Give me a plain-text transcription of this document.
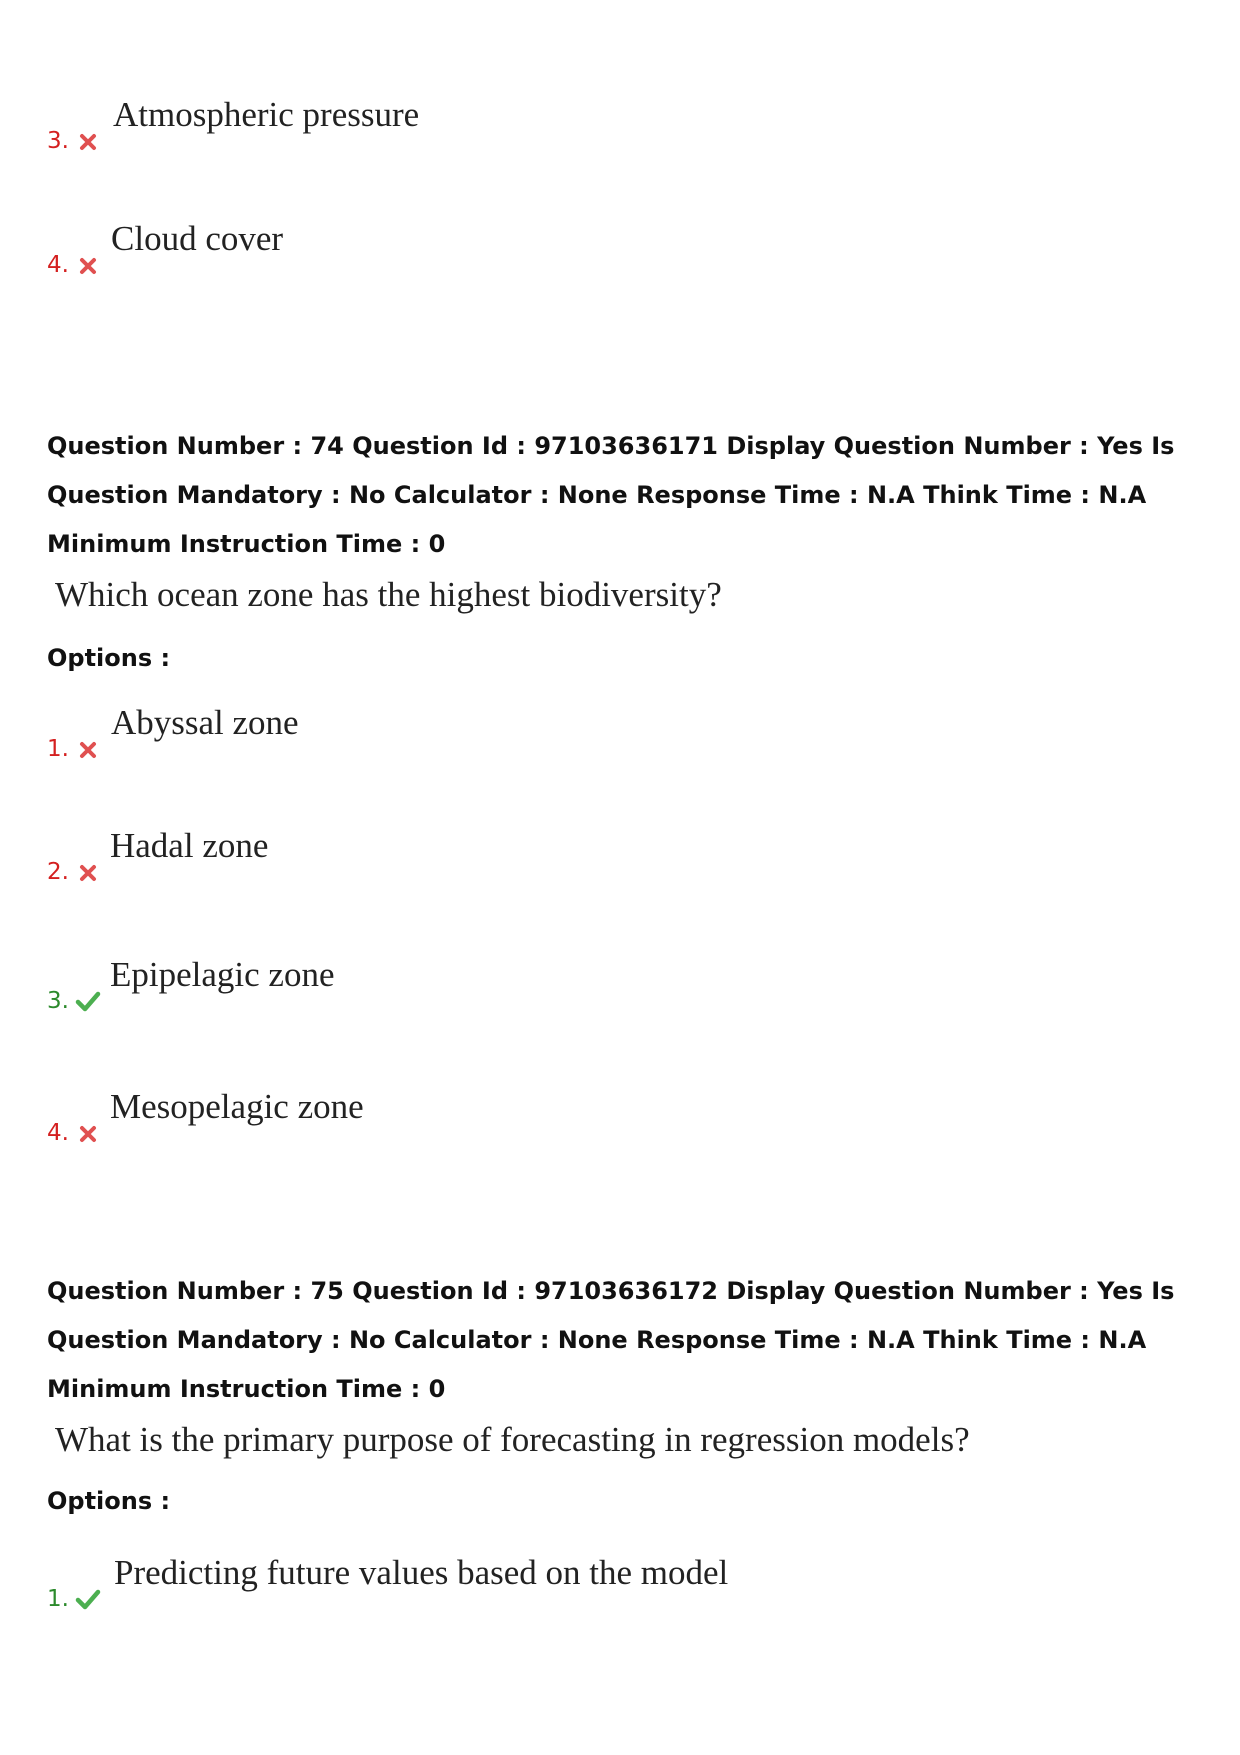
3.
Atmospheric pressure
4.
Cloud cover
Question Number : 74 Question Id : 97103636171 Display Question Number : Yes Is Question Mandatory : No Calculator : None Response Time : N.A Think Time : N.A Minimum Instruction Time : 0
Which ocean zone has the highest biodiversity?
Options :
1.
Abyssal zone
2.
Hadal zone
3.
Epipelagic zone
4.
Mesopelagic zone
Question Number : 75 Question Id : 97103636172 Display Question Number : Yes Is Question Mandatory : No Calculator : None Response Time : N.A Think Time : N.A Minimum Instruction Time : 0
What is the primary purpose of forecasting in regression models?
Options :
1.
Predicting future values based on the model
